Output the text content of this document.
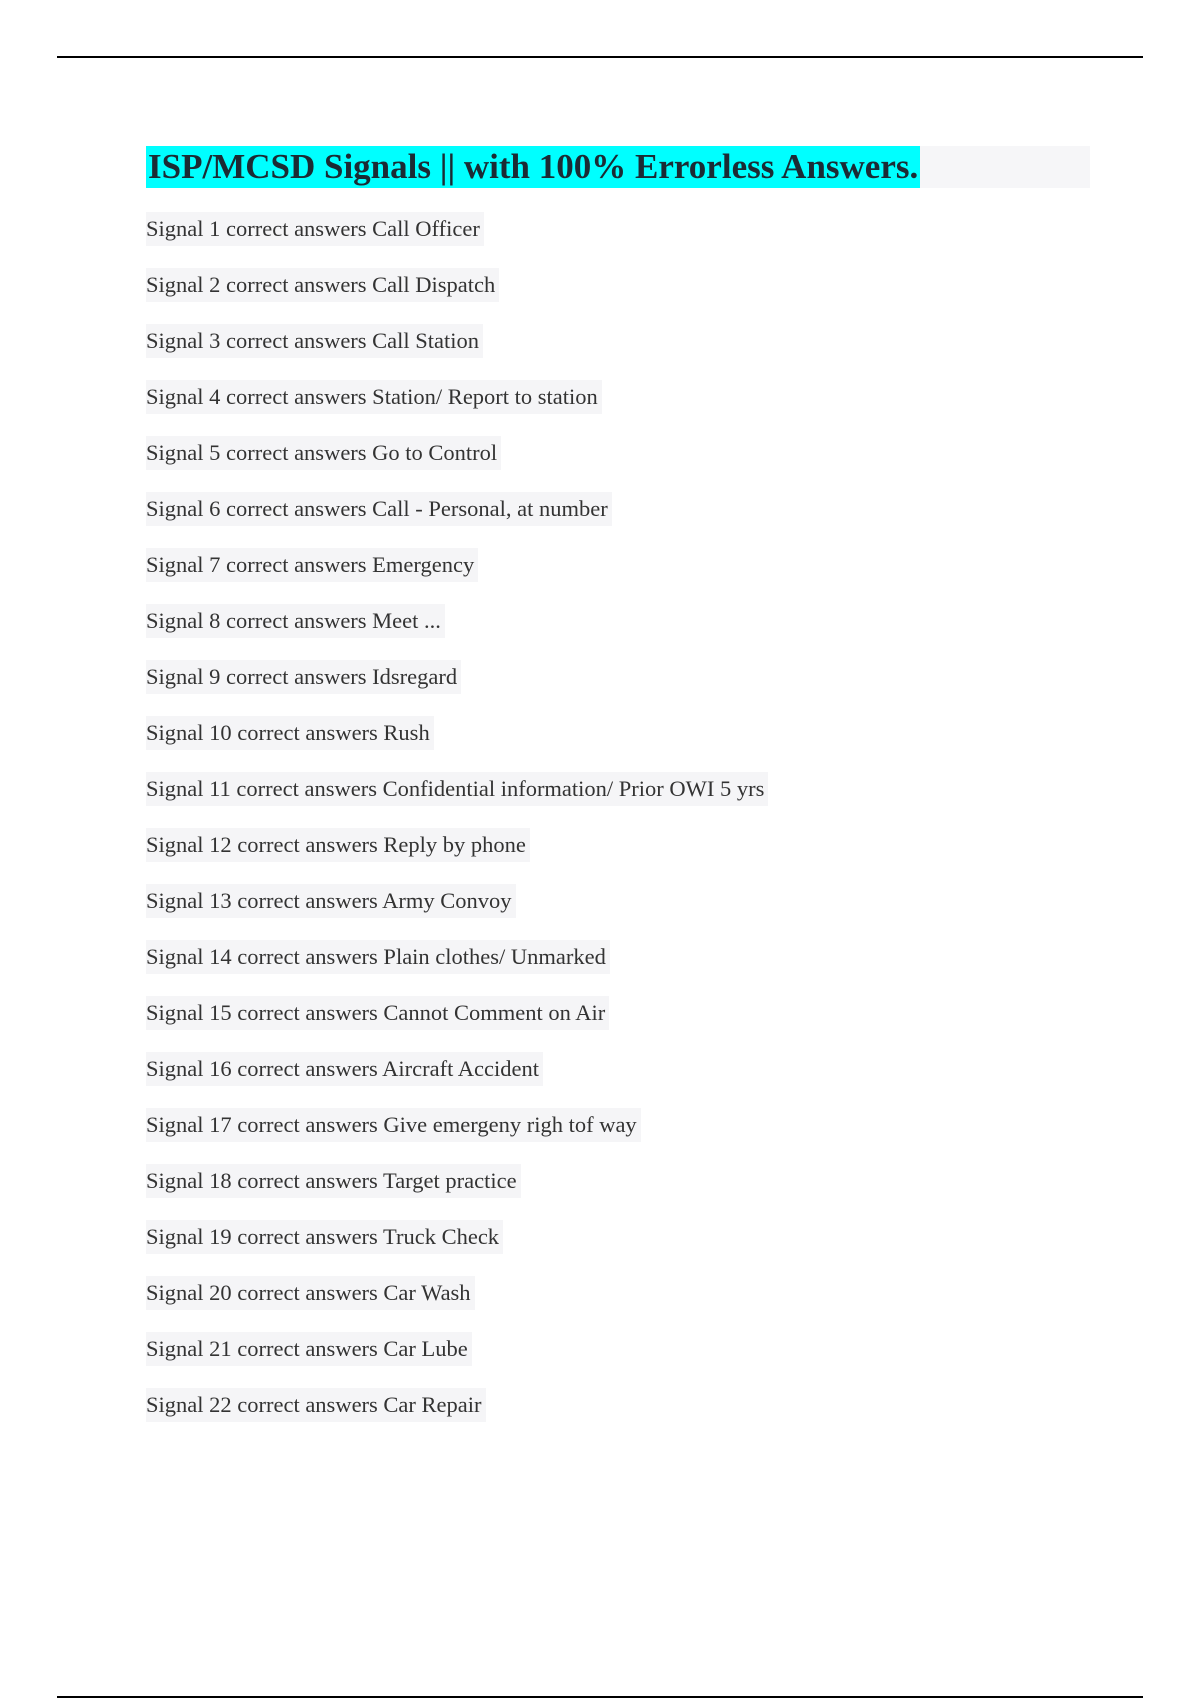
ISP/MCSD Signals || with 100% Errorless Answers.
Signal 1 correct answers Call Officer
Signal 2 correct answers Call Dispatch
Signal 3 correct answers Call Station
Signal 4 correct answers Station/ Report to station
Signal 5 correct answers Go to Control
Signal 6 correct answers Call - Personal, at number
Signal 7 correct answers Emergency
Signal 8 correct answers Meet ...
Signal 9 correct answers Idsregard
Signal 10 correct answers Rush
Signal 11 correct answers Confidential information/ Prior OWI 5 yrs
Signal 12 correct answers Reply by phone
Signal 13 correct answers Army Convoy
Signal 14 correct answers Plain clothes/ Unmarked
Signal 15 correct answers Cannot Comment on Air
Signal 16 correct answers Aircraft Accident
Signal 17 correct answers Give emergeny righ tof way
Signal 18 correct answers Target practice
Signal 19 correct answers Truck Check
Signal 20 correct answers Car Wash
Signal 21 correct answers Car Lube
Signal 22 correct answers Car Repair
